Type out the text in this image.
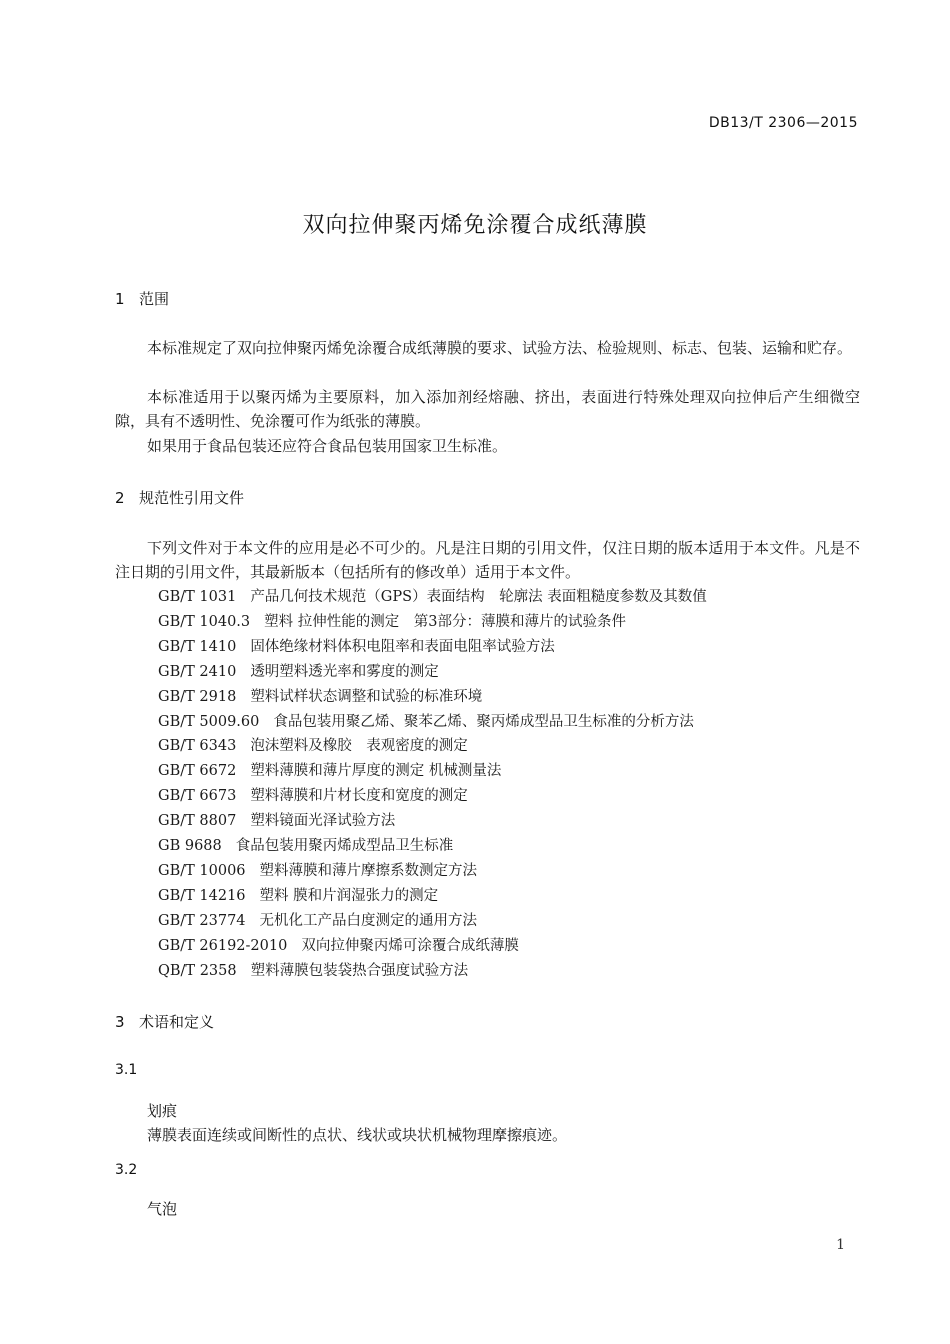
DB13/T 2306—2015
双向拉伸聚丙烯免涂覆合成纸薄膜
1 范围
本标准规定了双向拉伸聚丙烯免涂覆合成纸薄膜的要求、试验方法、检验规则、标志、包装、运输和贮存。
本标准适用于以聚丙烯为主要原料，加入添加剂经熔融、挤出，表面进行特殊处理双向拉伸后产生细微空隙，具有不透明性、免涂覆可作为纸张的薄膜。
如果用于食品包装还应符合食品包装用国家卫生标准。
2 规范性引用文件
下列文件对于本文件的应用是必不可少的。凡是注日期的引用文件，仅注日期的版本适用于本文件。凡是不注日期的引用文件，其最新版本（包括所有的修改单）适用于本文件。
GB/T 1031 产品几何技术规范（GPS）表面结构　轮廓法 表面粗糙度参数及其数值
GB/T 1040.3 塑料 拉伸性能的测定　第3部分：薄膜和薄片的试验条件
GB/T 1410 固体绝缘材料体积电阻率和表面电阻率试验方法
GB/T 2410 透明塑料透光率和雾度的测定
GB/T 2918 塑料试样状态调整和试验的标准环境
GB/T 5009.60 食品包装用聚乙烯、聚苯乙烯、聚丙烯成型品卫生标准的分析方法
GB/T 6343 泡沫塑料及橡胶　表观密度的测定
GB/T 6672 塑料薄膜和薄片厚度的测定 机械测量法
GB/T 6673 塑料薄膜和片材长度和宽度的测定
GB/T 8807 塑料镜面光泽试验方法
GB 9688 食品包装用聚丙烯成型品卫生标准
GB/T 10006 塑料薄膜和薄片摩擦系数测定方法
GB/T 14216 塑料 膜和片润湿张力的测定
GB/T 23774 无机化工产品白度测定的通用方法
GB/T 26192-2010 双向拉伸聚丙烯可涂覆合成纸薄膜
QB/T 2358 塑料薄膜包装袋热合强度试验方法
3 术语和定义
3.1
划痕
薄膜表面连续或间断性的点状、线状或块状机械物理摩擦痕迹。
3.2
气泡
1
